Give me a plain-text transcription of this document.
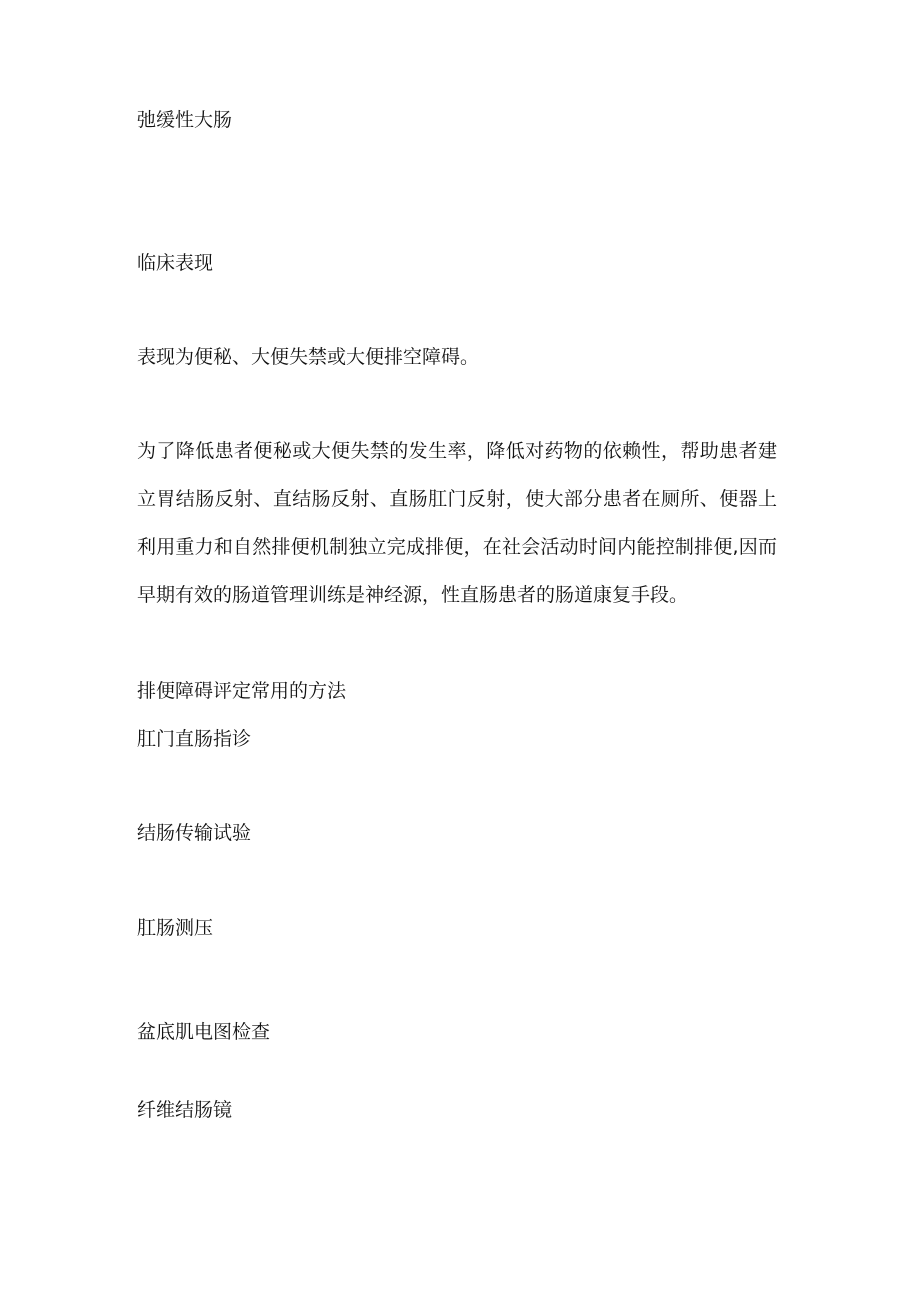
弛缓性大肠
临床表现

表现为便秘、大便失禁或大便排空障碍。

为了降低患者便秘或大便失禁的发生率，降低对药物的依赖性，帮助患者建立胃结肠反射、直结肠反射、直肠肛门反射，使大部分患者在厕所、便器上利用重力和自然排便机制独立完成排便，在社会活动时间内能控制排便,因而早期有效的肠道管理训练是神经源，性直肠患者的肠道康复手段。

排便障碍评定常用的方法

肛门直肠指诊

结肠传输试验

肛肠测压

盆底肌电图检查

纤维结肠镜
